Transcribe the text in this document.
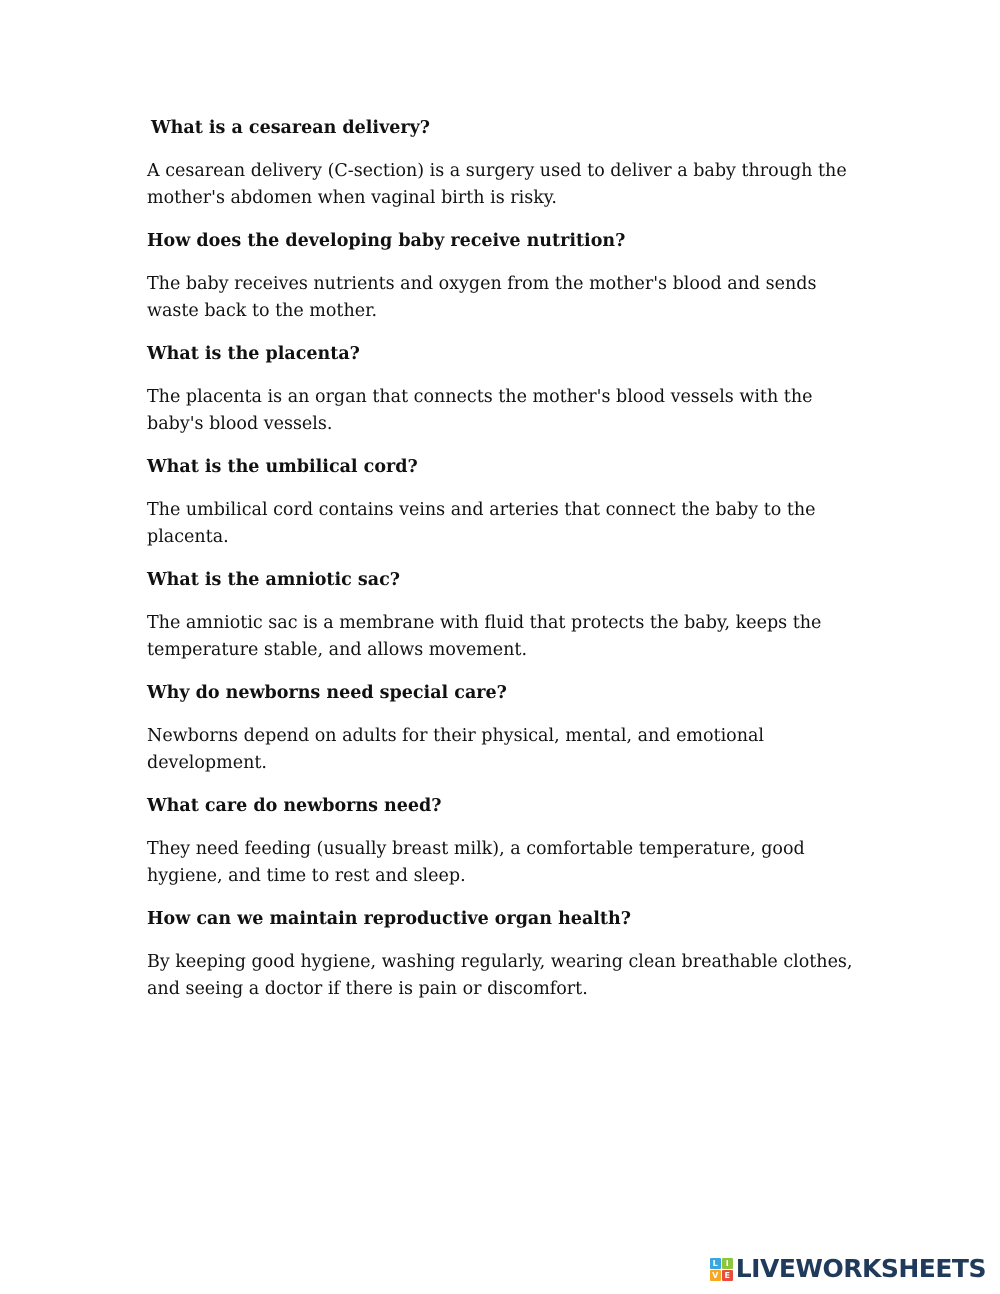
What is a cesarean delivery?

A cesarean delivery (C-section) is a surgery used to deliver a baby through the mother's abdomen when vaginal birth is risky.

How does the developing baby receive nutrition?

The baby receives nutrients and oxygen from the mother's blood and sends waste back to the mother.

What is the placenta?

The placenta is an organ that connects the mother's blood vessels with the baby's blood vessels.

What is the umbilical cord?

The umbilical cord contains veins and arteries that connect the baby to the placenta.

What is the amniotic sac?

The amniotic sac is a membrane with fluid that protects the baby, keeps the temperature stable, and allows movement.

Why do newborns need special care?

Newborns depend on adults for their physical, mental, and emotional development.

What care do newborns need?

They need feeding (usually breast milk), a comfortable temperature, good hygiene, and time to rest and sleep.

How can we maintain reproductive organ health?

By keeping good hygiene, washing regularly, wearing clean breathable clothes, and seeing a doctor if there is pain or discomfort.

L I
V E LIVEWORKSHEETS
